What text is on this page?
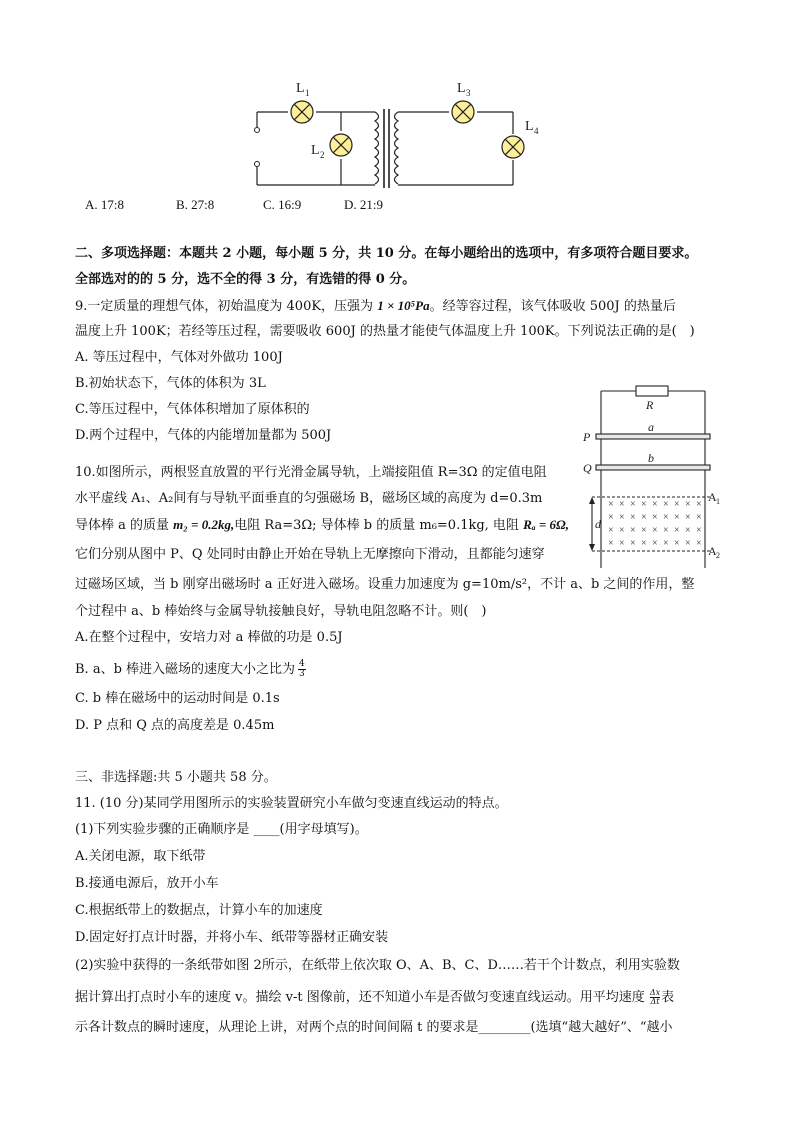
L 1
L 2
L 3
L 4
A. 17:8	B. 27:8	C. 16:9	D. 21:9
二、多项选择题：本题共 2 小题，每小题 5 分，共 10 分。在每小题给出的选项中，有多项符合题目要求。
全部选对的的 5 分，选不全的得 3 分，有选错的得 0 分。
9.一定质量的理想气体，初始温度为 400K，压强为 1 × 10⁵Pa。经等容过程，该气体吸收 500J 的热量后
温度上升 100K；若经等压过程，需要吸收 600J 的热量才能使气体温度上升 100K。下列说法正确的是(　)
A. 等压过程中，气体对外做功 100J
B.初始状态下，气体的体积为 3L
C.等压过程中，气体体积增加了原体积的
D.两个过程中，气体的内能增加量都为 500J
× × × × × × × × ×
× × × × × × × × ×
× × × × × × × × ×
× × × × × × × × ×
R
P
Q
a
b
d
A 1
A 2
10.如图所示，两根竖直放置的平行光滑金属导轨，上端接阻值 R=3Ω 的定值电阻
水平虚线 A₁、A₂间有与导轨平面垂直的匀强磁场 B，磁场区域的高度为 d=0.3m
导体棒 a 的质量 m₂ = 0.2kg,电阻 Ra=3Ω; 导体棒 b 的质量 m₆=0.1kg, 电阻 Rₐ = 6Ω,
它们分别从图中 P、Q 处同时由静止开始在导轨上无摩擦向下滑动，且都能匀速穿
过磁场区域，当 b 刚穿出磁场时 a 正好进入磁场。设重力加速度为 g=10m/s²，不计 a、b 之间的作用，整
个过程中 a、b 棒始终与金属导轨接触良好，导轨电阻忽略不计。则(　)
A.在整个过程中，安培力对 a 棒做的功是 0.5J
B. a、b 棒进入磁场的速度大小之比为 $\frac{4}{3}$
C. b 棒在磁场中的运动时间是 0.1s
D. P 点和 Q 点的高度差是 0.45m
三、非选择题:共 5 小题共 58 分。
11. (10 分)某同学用图所示的实验装置研究小车做匀变速直线运动的特点。
(1)下列实验步骤的正确顺序是 ____(用字母填写)。
A.关闭电源，取下纸带
B.接通电源后，放开小车
C.根据纸带上的数据点，计算小车的加速度
D.固定好打点计时器，并将小车、纸带等器材正确安装
(2)实验中获得的一条纸带如图 2所示，在纸带上依次取 O、A、B、C、D……若干个计数点，利用实验数
据计算出打点时小车的速度 v。描绘 v-t 图像前，还不知道小车是否做匀变速直线运动。用平均速度 $\frac{\Delta x}{\Delta t}$ 表
示各计数点的瞬时速度，从理论上讲，对两个点的时间间隔 t 的要求是________(选填“越大越好”、“越小
